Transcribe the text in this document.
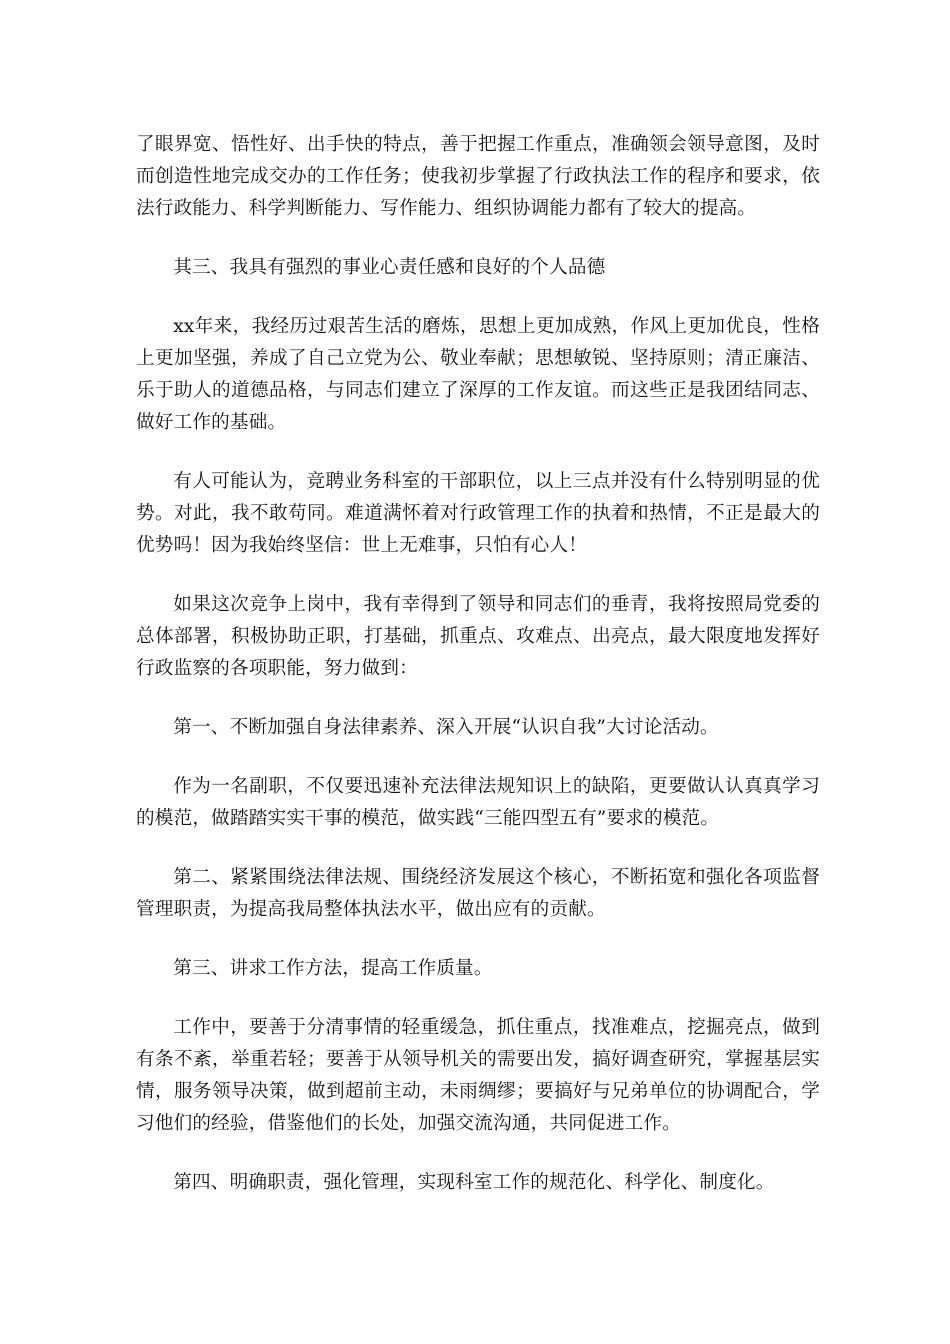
了眼界宽、悟性好、出手快的特点，善于把握工作重点，准确领会领导意图，及时而创造性地完成交办的工作任务；使我初步掌握了行政执法工作的程序和要求，依法行政能力、科学判断能力、写作能力、组织协调能力都有了较大的提高。

其三、我具有强烈的事业心责任感和良好的个人品德

xx年来，我经历过艰苦生活的磨炼，思想上更加成熟，作风上更加优良，性格上更加坚强，养成了自己立党为公、敬业奉献；思想敏锐、坚持原则；清正廉洁、乐于助人的道德品格，与同志们建立了深厚的工作友谊。而这些正是我团结同志、做好工作的基础。

有人可能认为，竞聘业务科室的干部职位，以上三点并没有什么特别明显的优势。对此，我不敢苟同。难道满怀着对行政管理工作的执着和热情，不正是最大的优势吗！因为我始终坚信：世上无难事，只怕有心人！

如果这次竞争上岗中，我有幸得到了领导和同志们的垂青，我将按照局党委的总体部署，积极协助正职，打基础，抓重点、攻难点、出亮点，最大限度地发挥好行政监察的各项职能，努力做到：

第一、不断加强自身法律素养、深入开展“认识自我”大讨论活动。

作为一名副职，不仅要迅速补充法律法规知识上的缺陷，更要做认认真真学习的模范，做踏踏实实干事的模范，做实践“三能四型五有”要求的模范。

第二、紧紧围绕法律法规、围绕经济发展这个核心，不断拓宽和强化各项监督管理职责，为提高我局整体执法水平，做出应有的贡献。

第三、讲求工作方法，提高工作质量。

工作中，要善于分清事情的轻重缓急，抓住重点，找准难点，挖掘亮点，做到有条不紊，举重若轻；要善于从领导机关的需要出发，搞好调查研究，掌握基层实情，服务领导决策，做到超前主动，未雨绸缪；要搞好与兄弟单位的协调配合，学习他们的经验，借鉴他们的长处，加强交流沟通，共同促进工作。

第四、明确职责，强化管理，实现科室工作的规范化、科学化、制度化。
